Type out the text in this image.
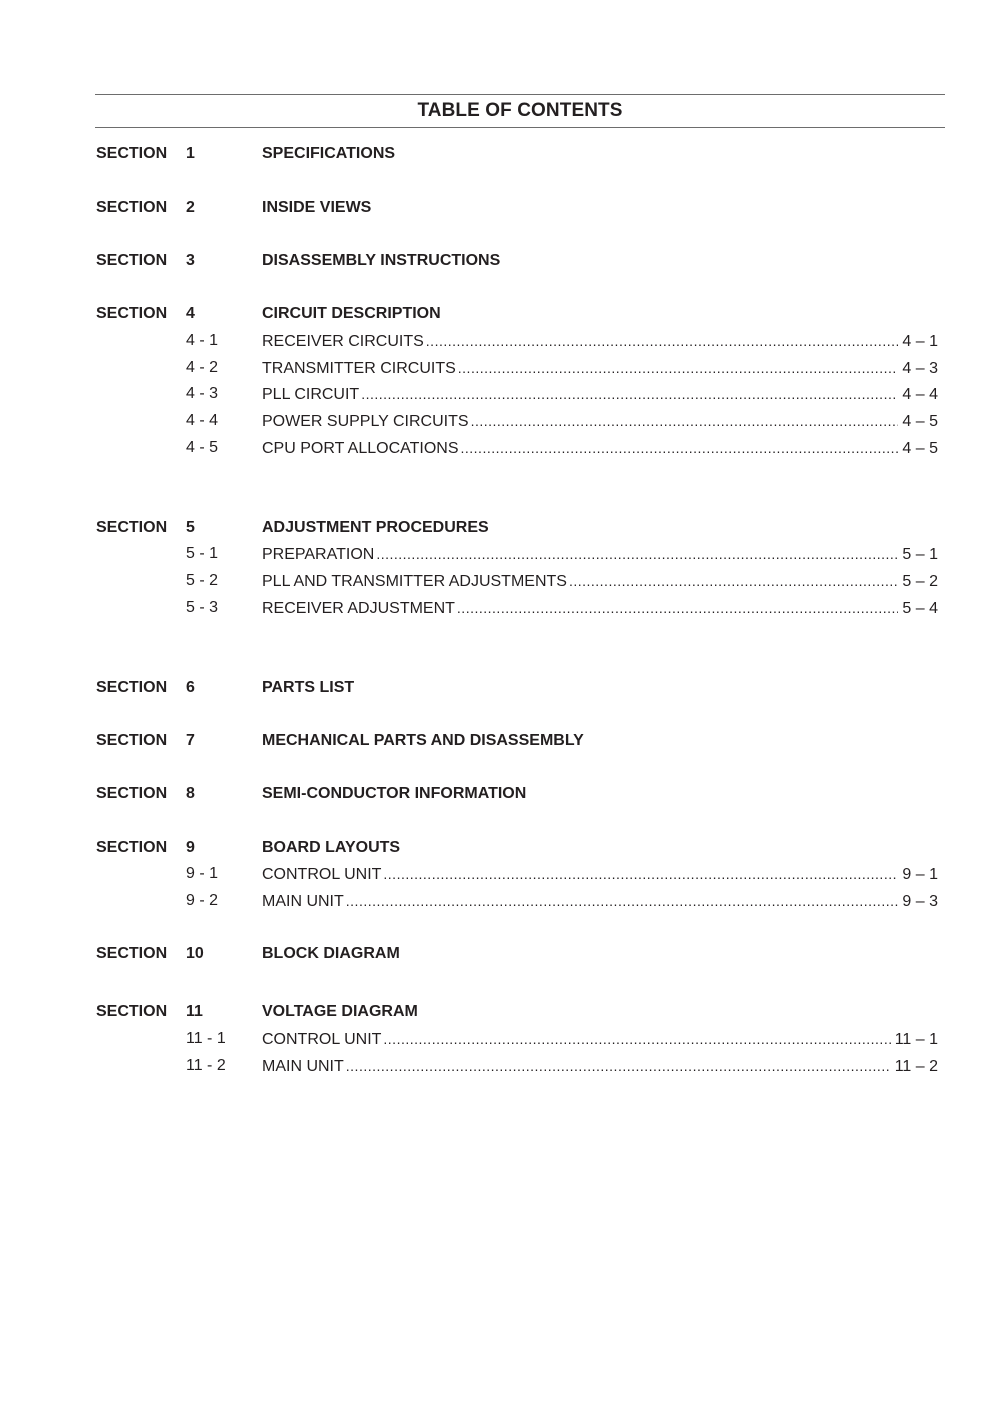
TABLE OF CONTENTS
SECTION 1	SPECIFICATIONS
SECTION 2	INSIDE VIEWS
SECTION 3	DISASSEMBLY INSTRUCTIONS
SECTION 4	CIRCUIT DESCRIPTION
4 - 1	RECEIVER CIRCUITS .....	4 – 1
4 - 2	TRANSMITTER CIRCUITS .....	4 – 3
4 - 3	PLL CIRCUIT .....	4 – 4
4 - 4	POWER SUPPLY CIRCUITS .....	4 – 5
4 - 5	CPU PORT ALLOCATIONS .....	4 – 5
SECTION 5	ADJUSTMENT PROCEDURES
5 - 1	PREPARATION .....	5 – 1
5 - 2	PLL AND TRANSMITTER ADJUSTMENTS .....	5 – 2
5 - 3	RECEIVER ADJUSTMENT .....	5 – 4
SECTION 6	PARTS LIST
SECTION 7	MECHANICAL PARTS AND DISASSEMBLY
SECTION 8	SEMI-CONDUCTOR INFORMATION
SECTION 9	BOARD LAYOUTS
9 - 1	CONTROL UNIT .....	9 – 1
9 - 2	MAIN UNIT .....	9 – 3
SECTION 10	BLOCK DIAGRAM
SECTION 11	VOLTAGE DIAGRAM
11 - 1 CONTROL UNIT .....	11 – 1
11 - 2 MAIN UNIT .....	11 – 2
